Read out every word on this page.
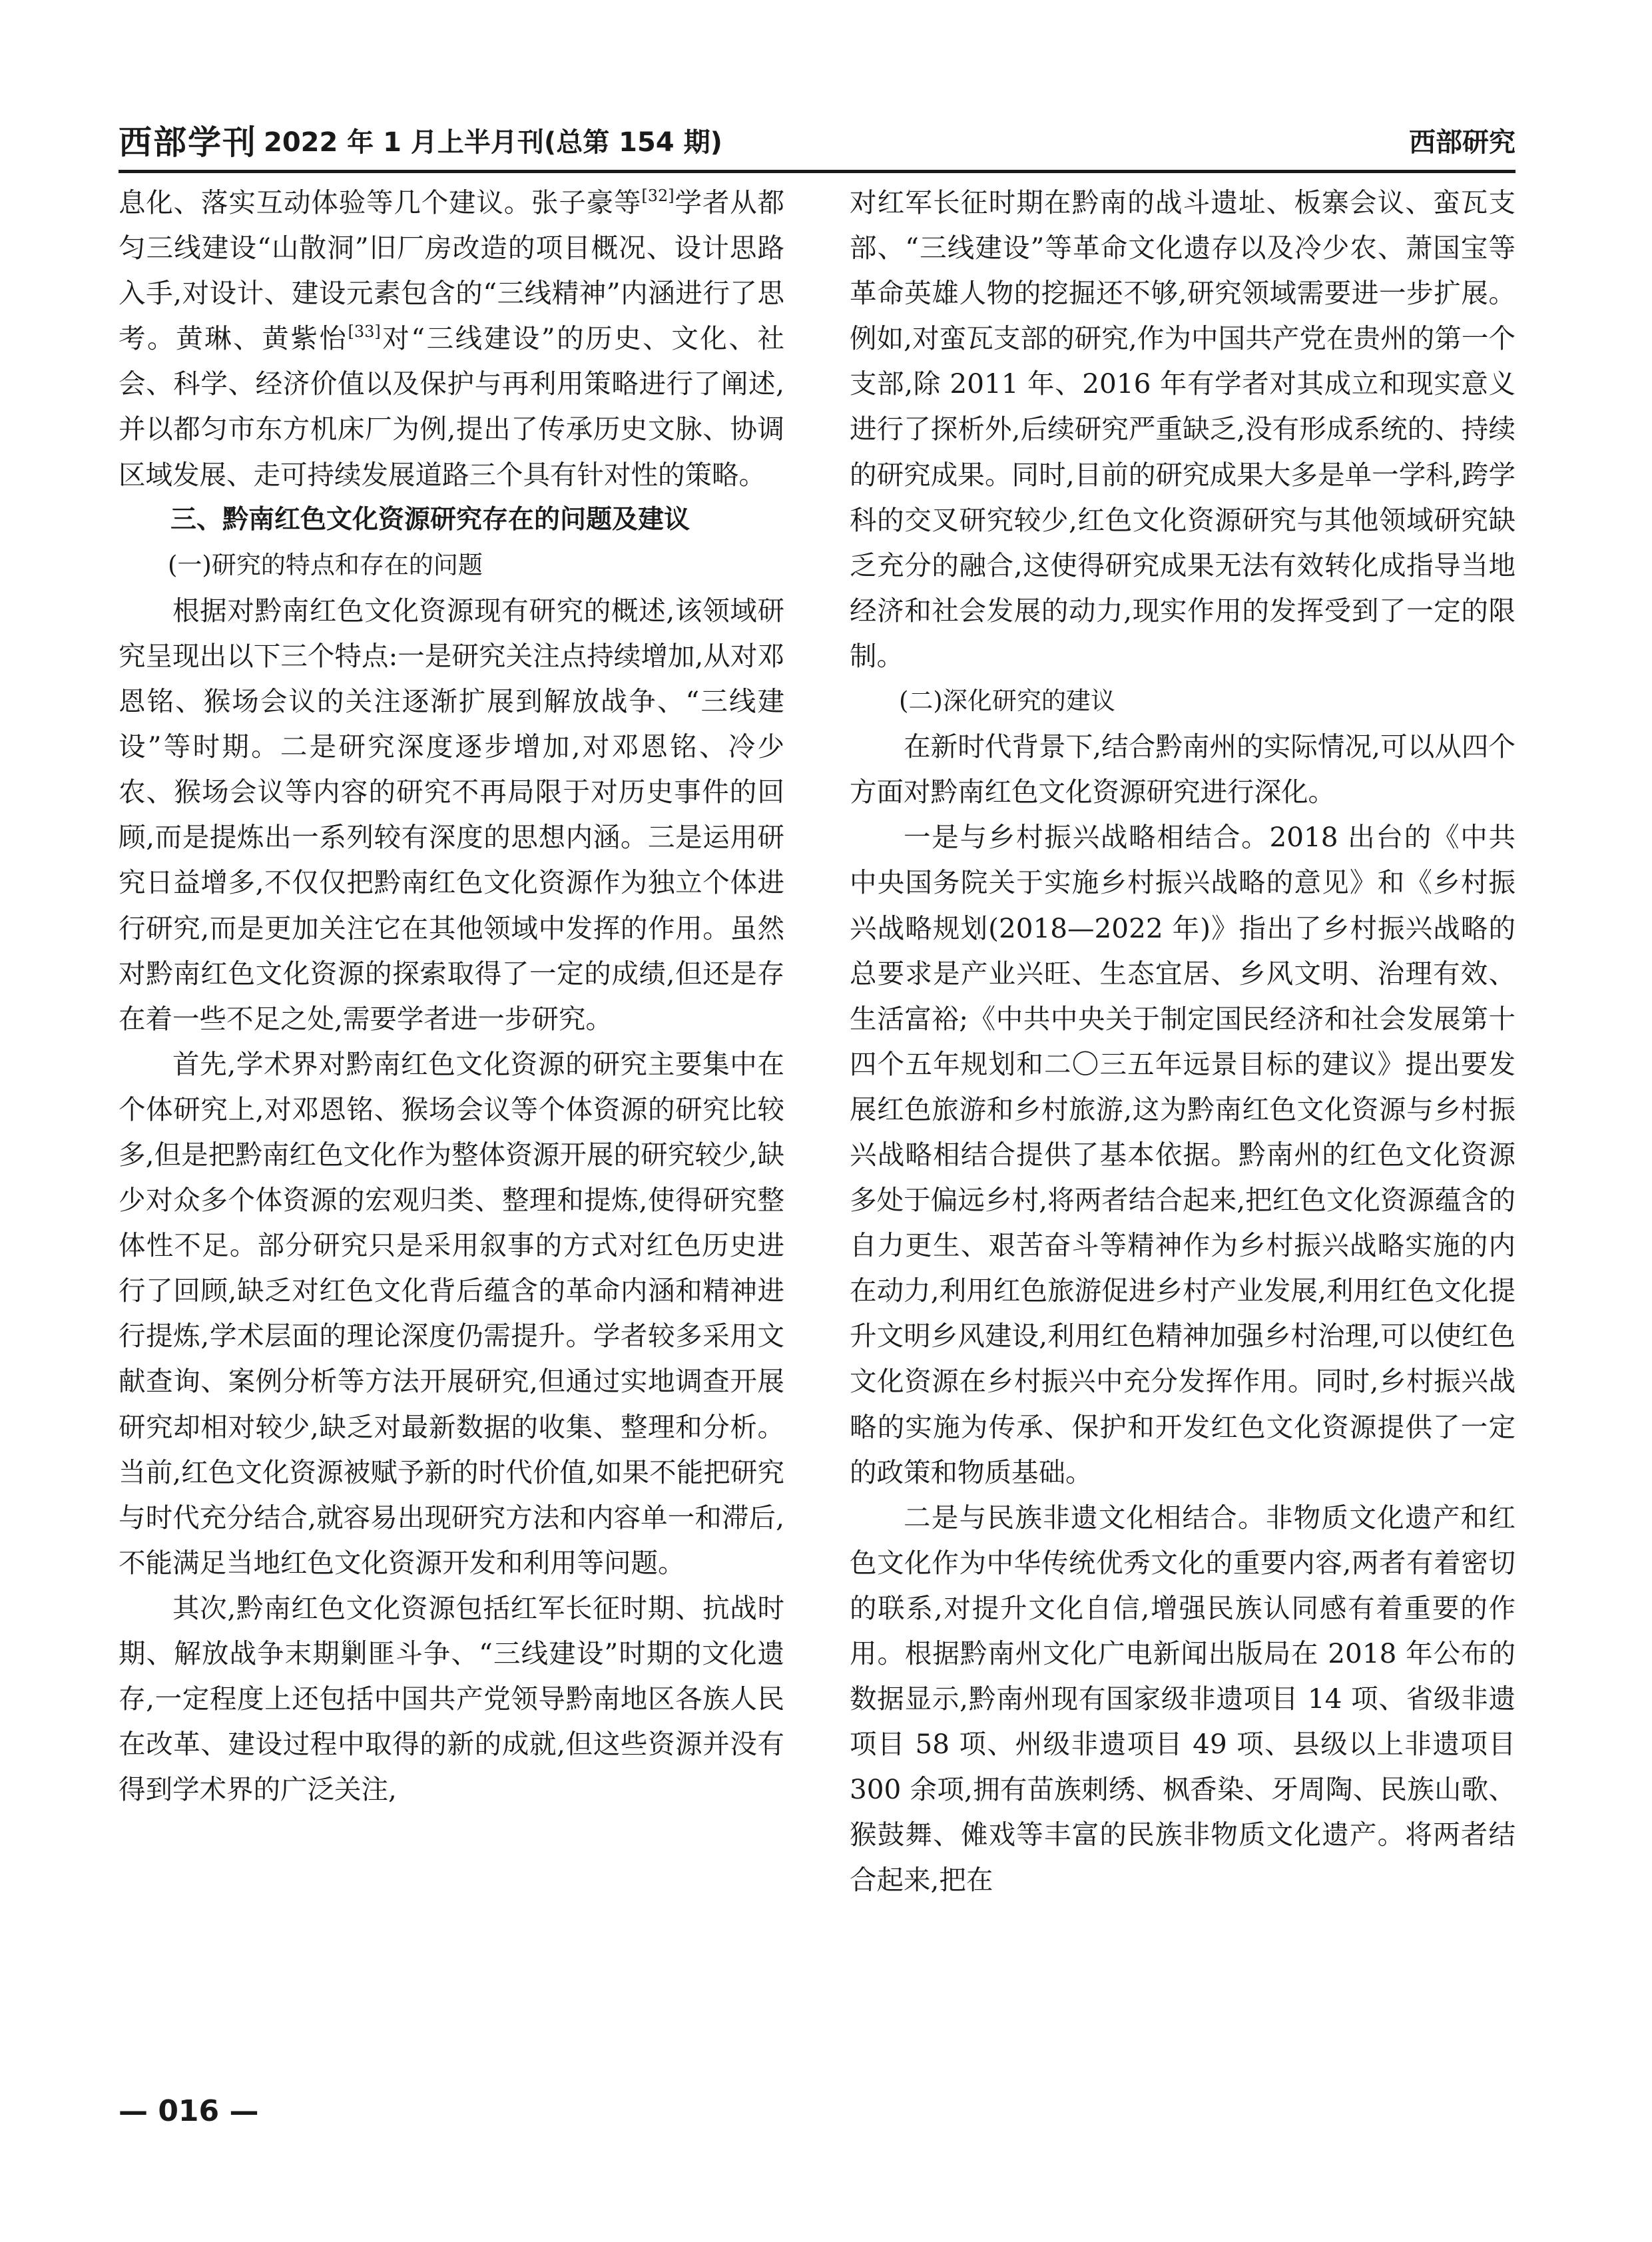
西部学刊 2022 年 1 月上半月刊(总第 154 期)	西部研究

息化、落实互动体验等几个建议。张子豪等[32]学者从都匀三线建设“山散洞”旧厂房改造的项目概况、设计思路入手,对设计、建设元素包含的“三线精神”内涵进行了思考。黄琳、黄紫怡[33]对“三线建设”的历史、文化、社会、科学、经济价值以及保护与再利用策略进行了阐述,并以都匀市东方机床厂为例,提出了传承历史文脉、协调区域发展、走可持续发展道路三个具有针对性的策略。

三、黔南红色文化资源研究存在的问题及建议
(一)研究的特点和存在的问题

根据对黔南红色文化资源现有研究的概述,该领域研究呈现出以下三个特点:一是研究关注点持续增加,从对邓恩铭、猴场会议的关注逐渐扩展到解放战争、“三线建设”等时期。二是研究深度逐步增加,对邓恩铭、冷少农、猴场会议等内容的研究不再局限于对历史事件的回顾,而是提炼出一系列较有深度的思想内涵。三是运用研究日益增多,不仅仅把黔南红色文化资源作为独立个体进行研究,而是更加关注它在其他领域中发挥的作用。虽然对黔南红色文化资源的探索取得了一定的成绩,但还是存在着一些不足之处,需要学者进一步研究。

首先,学术界对黔南红色文化资源的研究主要集中在个体研究上,对邓恩铭、猴场会议等个体资源的研究比较多,但是把黔南红色文化作为整体资源开展的研究较少,缺少对众多个体资源的宏观归类、整理和提炼,使得研究整体性不足。部分研究只是采用叙事的方式对红色历史进行了回顾,缺乏对红色文化背后蕴含的革命内涵和精神进行提炼,学术层面的理论深度仍需提升。学者较多采用文献查询、案例分析等方法开展研究,但通过实地调查开展研究却相对较少,缺乏对最新数据的收集、整理和分析。当前,红色文化资源被赋予新的时代价值,如果不能把研究与时代充分结合,就容易出现研究方法和内容单一和滞后,不能满足当地红色文化资源开发和利用等问题。

其次,黔南红色文化资源包括红军长征时期、抗战时期、解放战争末期剿匪斗争、“三线建设”时期的文化遗存,一定程度上还包括中国共产党领导黔南地区各族人民在改革、建设过程中取得的新的成就,但这些资源并没有得到学术界的广泛关注,

对红军长征时期在黔南的战斗遗址、板寨会议、蛮瓦支部、“三线建设”等革命文化遗存以及冷少农、萧国宝等革命英雄人物的挖掘还不够,研究领域需要进一步扩展。例如,对蛮瓦支部的研究,作为中国共产党在贵州的第一个支部,除 2011 年、2016 年有学者对其成立和现实意义进行了探析外,后续研究严重缺乏,没有形成系统的、持续的研究成果。同时,目前的研究成果大多是单一学科,跨学科的交叉研究较少,红色文化资源研究与其他领域研究缺乏充分的融合,这使得研究成果无法有效转化成指导当地经济和社会发展的动力,现实作用的发挥受到了一定的限制。

(二)深化研究的建议

在新时代背景下,结合黔南州的实际情况,可以从四个方面对黔南红色文化资源研究进行深化。

一是与乡村振兴战略相结合。2018 出台的《中共中央国务院关于实施乡村振兴战略的意见》和《乡村振兴战略规划(2018—2022 年)》指出了乡村振兴战略的总要求是产业兴旺、生态宜居、乡风文明、治理有效、生活富裕;《中共中央关于制定国民经济和社会发展第十四个五年规划和二〇三五年远景目标的建议》提出要发展红色旅游和乡村旅游,这为黔南红色文化资源与乡村振兴战略相结合提供了基本依据。黔南州的红色文化资源多处于偏远乡村,将两者结合起来,把红色文化资源蕴含的自力更生、艰苦奋斗等精神作为乡村振兴战略实施的内在动力,利用红色旅游促进乡村产业发展,利用红色文化提升文明乡风建设,利用红色精神加强乡村治理,可以使红色文化资源在乡村振兴中充分发挥作用。同时,乡村振兴战略的实施为传承、保护和开发红色文化资源提供了一定的政策和物质基础。

二是与民族非遗文化相结合。非物质文化遗产和红色文化作为中华传统优秀文化的重要内容,两者有着密切的联系,对提升文化自信,增强民族认同感有着重要的作用。根据黔南州文化广电新闻出版局在 2018 年公布的数据显示,黔南州现有国家级非遗项目 14 项、省级非遗项目 58 项、州级非遗项目 49 项、县级以上非遗项目 300 余项,拥有苗族刺绣、枫香染、牙周陶、民族山歌、猴鼓舞、傩戏等丰富的民族非物质文化遗产。将两者结合起来,把在

— 016 —
